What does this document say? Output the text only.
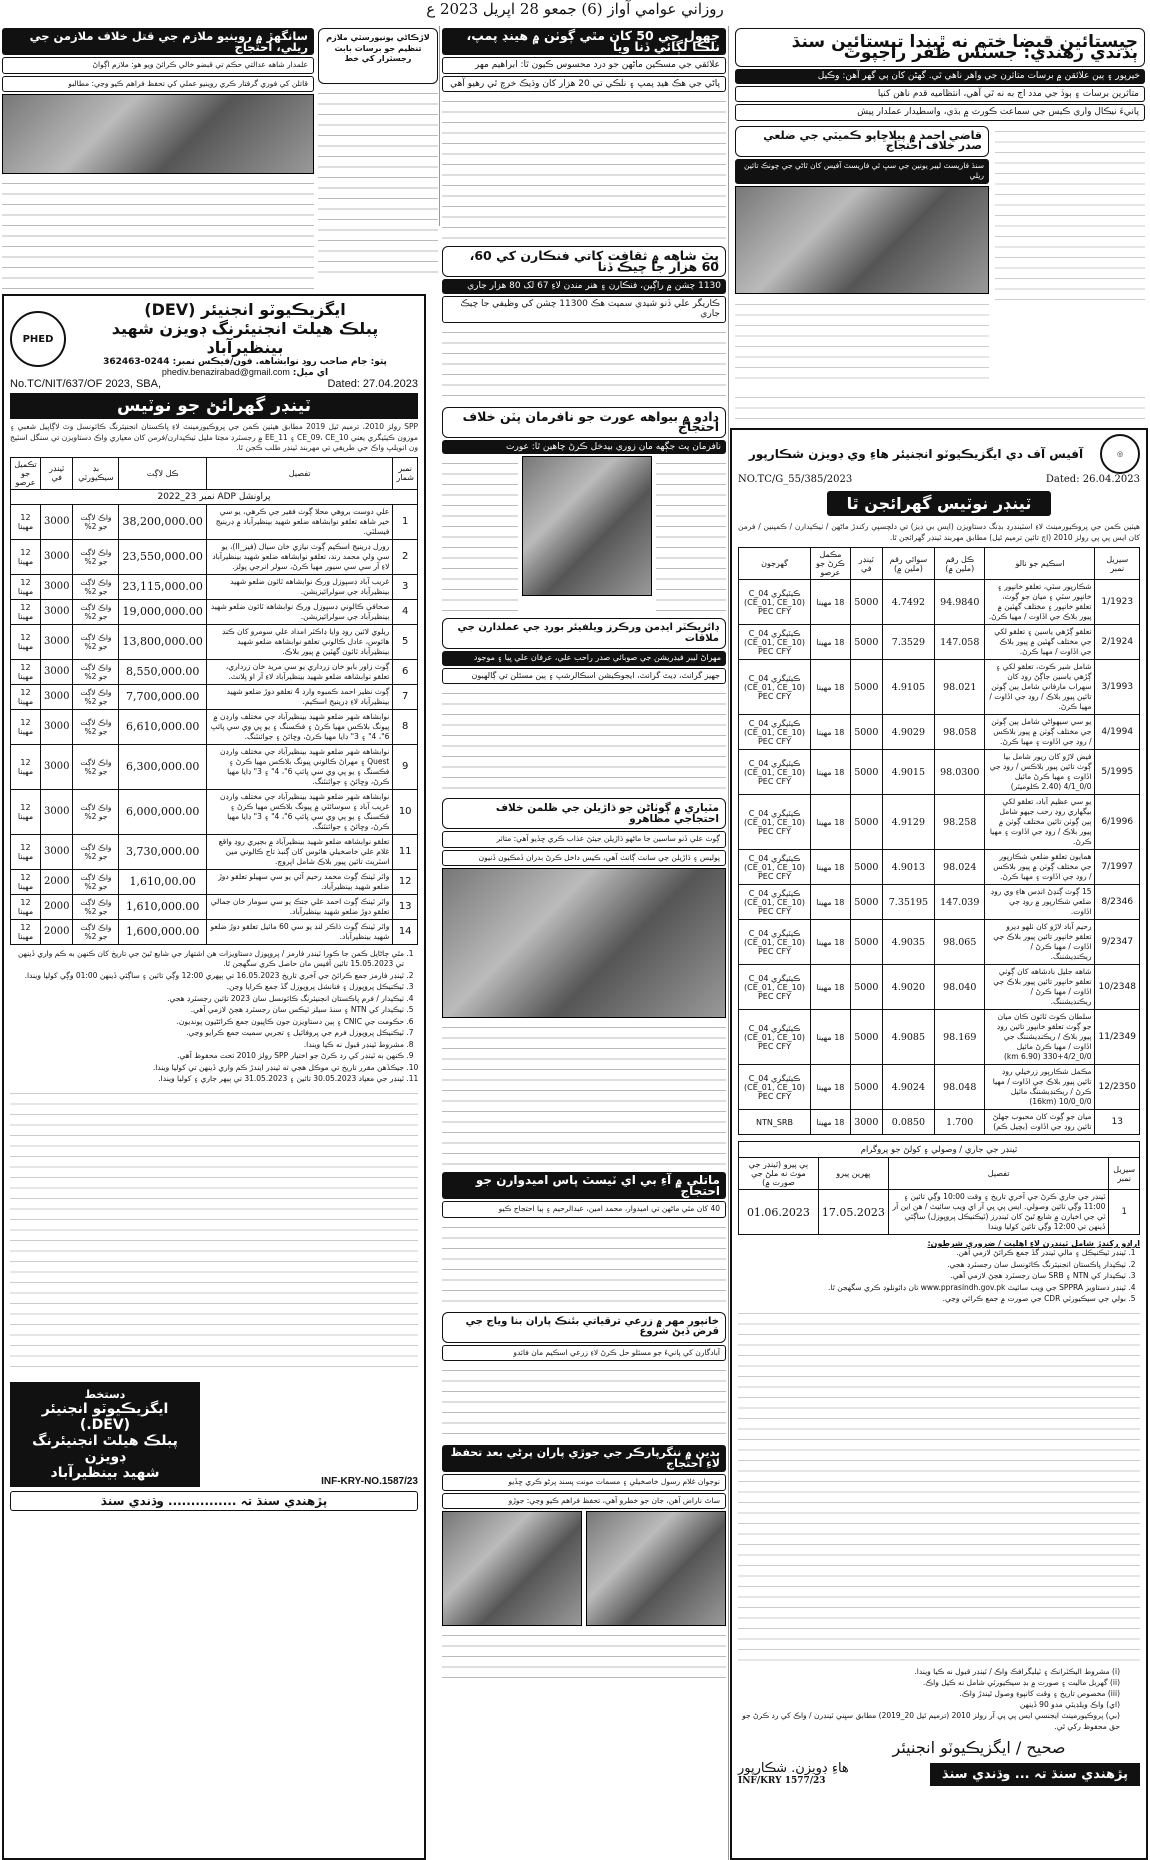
روزاني عوامي آواز (6) جمعو 28 اپريل 2023 ع
جيستائين قبضا ختم نه ٿيندا تيستائين سنڌ ٻڏندي رهندي: جسٽس ظفر راجپوت
خيرپور ۽ ٻين علائقن ۾ برسات متاثرن جي واهر ناهي ٿي. گهڻن کان ٻي گهر آهن: وڪيل
متاثرين برسات ۽ ٻوڏ جي مدد اڄ به نه ٿي آهي، انتظاميه قدم ناهن کنيا
پانيءَ نيڪال واري ڪيس جي سماعت ڪورٽ ۾ بڌي، واسطيدار عملدار پيش
قاضي احمد ۾ پيلاڇاپو ڪميٽي جي ضلعي صدر خلاف احتجاج
سنڌ فاريسٽ ليبر يونين جي سڀ ٿي فاريسٽ آفيس کان ٿاڻي جي چونڪ تائين ريلي
◎
آفيس آف دي ايگزيڪيوٽو انجنيئر هاءِ وي ڊويزن شڪارپور
NO.TC/G_55/385/2023	Dated: 26.04.2023
ٽينڊر نوٽيس گهرائجن ٿا
هيٺين ڪمن جي پروڪيورمينٽ لاءِ اسٽينڊرڊ بڊنگ دستاويزن (ايس بي ڊيز) تي دلچسپي رکندڙ ماڻهن / ٺيڪيدارن / ڪمپنين / فرمن کان ايس پي پي رولز 2010 (اڄ تائين ترميم ٿيل) مطابق مهربند ٽينڊر گهرائجن ٿا.
سيريل نمبر	اسڪيم جو نالو	ڪل رقم (ملين ۾)	سوائي رقم (ملين ۾)	ٽينڊر في	مڪمل ڪرڻ جو عرصو	گهرجون
1/1923	شڪارپور سٽي، تعلقو خانپور ۽ خانپور سٽي ۽ ميان جو ڳوٺ، تعلقو خانپور ۽ مختلف گهٽين ۾ پيور بلاڪ جي اڏاوت / مهيا ڪرڻ.	94.9840	4.7492	5000	18 مهينا	ڪيٽيگري C_04 (CE_01, CE_10) PEC CFY
2/1924	تعلقو ڳڙهي ياسين ۽ تعلقو لکي جي مختلف گهٽين ۾ پيور بلاڪ جي اڏاوت / مهيا ڪرڻ.	147.058	7.3529	5000	18 مهينا	ڪيٽيگري C_04 (CE_01, CE_10) PEC CFY
3/1993	شامل شير ڪوٽ، تعلقو لکي ۽ ڳڙهي ياسين جاڳڻ روڊ کان سهراب مارفاني شامل ٻين ڳوٺن تائين پيور بلاڪ / روڊ جي اڏاوت / مهيا ڪرڻ.	98.021	4.9105	5000	18 مهينا	ڪيٽيگري C_04 (CE_01, CE_10) PEC CFY
4/1994	يو سي سيهواڻي شامل ٻين ڳوٺن جي مختلف ڳوٺن ۾ پيور بلاڪس / روڊ جي اڏاوت ۽ مهيا ڪرڻ.	98.058	4.9029	5000	18 مهينا	ڪيٽيگري C_04 (CE_01, CE_10) PEC CFY
5/1995	فيض لاڙو کان ريور شامل بيا ڳوٺ تائين پيور بلاڪس / روڊ جي اڏاوت ۽ مهيا ڪرڻ مائيل 0/0_4/1 (2.40 ڪلوميٽر)	98.0300	4.9015	5000	18 مهينا	ڪيٽيگري C_04 (CE_01, CE_10) PEC CFY
6/1996	يو سي عظيم آباد، تعلقو لکي بيگهاري روڊ رحب جيهو شامل ٻين ڳوٺن تائين مختلف ڳوٺن ۾ پيور بلاڪ / روڊ جي اڏاوت ۽ مهيا ڪرڻ.	98.258	4.9129	5000	18 مهينا	ڪيٽيگري C_04 (CE_01, CE_10) PEC CFY
7/1997	همايون تعلقو ضلعي شڪارپور جي مختلف ڳوٺن ۾ پيور بلاڪس / روڊ جي اڏاوت ۽ مهيا ڪرڻ.	98.024	4.9013	5000	18 مهينا	ڪيٽيگري C_04 (CE_01, CE_10) PEC CFY
8/2346	15 ڳوٺ ڳنڍڻ انڊس هاءِ وي روڊ ضلعي شڪارپور ۾ روڊ جي اڏاوت.	147.039	7.35195	5000	18 مهينا	ڪيٽيگري C_04 (CE_01, CE_10) PEC CFY
9/2347	رحيم آباد لاڙو کان ٺلهو ديرو تعلقو خانپور تائين پيور بلاڪ جي اڏاوت / مهيا ڪرڻ / ريڪنڊيشننگ.	98.065	4.9035	5000	18 مهينا	ڪيٽيگري C_04 (CE_01, CE_10) PEC CFY
10/2348	شاهه جليل بادشاهه کان ڳوٺي تعلقو خانپور تائين پيور بلاڪ جي اڏاوت / مهيا ڪرڻ / ريڪنڊيشننگ.	98.040	4.9020	5000	18 مهينا	ڪيٽيگري C_04 (CE_01, CE_10) PEC CFY
11/2349	سلطان ڪوٽ ٽائون ڪان ميان جو ڳوٺ تعلقو خانپور تائين روڊ پيور بلاڪ / ريڪنڊيشننگ جي اڏاوت / مهيا ڪرڻ مائيل 0/0_4/2+330 (6.90 km)	98.169	4.9085	5000	18 مهينا	ڪيٽيگري C_04 (CE_01, CE_10) PEC CFY
12/2350	مڪمل شڪارپور زرخيلي روڊ تائين پيور بلاڪ جي اڏاوت / مهيا ڪرڻ / ريڪنڊيشننگ مائيل 0/0_10/0 (16km)	98.048	4.9024	5000	18 مهينا	ڪيٽيگري C_04 (CE_01, CE_10) PEC CFY
13	ميان جو ڳوٺ کان محبوب جهلڻ تائين روڊ جي اڏاوت (بچيل ڪم)	1.700	0.0850	3000	18 مهينا	NTN_SRB
ٽينڊر جي جاري / وصولي ۽ کولڻ جو پروگرام			
سيريل نمبر	تفصيل	پهرين پيرو	ٻي پيرو (ٽينڊر جي موٽ نه ملڻ جي صورت ۾)
1	ٽينڊر جي جاري ڪرڻ جي آخري تاريخ ۽ وقت 10:00 وڳي تائين ۽ 11:00 وڳي تائين وصولي. ايس پي پي آر اي ويب سائيٽ / هن اين آر ٽي جي اخبارن ۾ شايع ٿيڻ کان ٽينڊرز (ٽيڪنيڪل پروپوزل) ساڳئي ڏينهن تي 12:00 وڳي تائين کوليا ويندا	17.05.2023	01.06.2023
اراڊو رکندڙ شامل ٽينڊرن لاءِ اهليت / ضروري شرطون:
1. ٽينڊر ٽيڪنيڪل ۽ مالي ٽينڊر گڏ جمع ڪرائڻ لازمي آهن.
2. ٺيڪيدار پاڪستان انجنيئرنگ ڪائونسل سان رجسٽرڊ هجي.
3. ٺيڪيدار کي NTN ۽ SRB سان رجسٽرڊ هجڻ لازمي آهي.
4. ٽينڊر دستاويز SPPRA جي ويب سائيٽ www.pprasindh.gov.pk تان ڊائونلوڊ ڪري سگهجن ٿا.
5. بولي جي سيڪيورٽي CDR جي صورت ۾ جمع ڪرائي وڃي.
(i) مشروط اليڪٽرانڪ ۽ ٽيليگرافڪ واڪ / ٽينڊر قبول نه ڪيا ويندا.
(ii) گهربل ماليت ۽ صورت ۾ بڊ سيڪيورٽي شامل نه ڪيل واڪ.
(iii) مخصوص تاريخ ۽ وقت کانپوءِ وصول ٿيندڙ واڪ.
(اي) واڪ ويلڊيٽي مدو 90 ڏينهن
(بي) پروڪيورمينٽ ايجنسي ايس پي پي آر رولز 2010 (ترميم ٿيل 20_2019) مطابق سڀني ٽينڊرن / واڪ کي رد ڪرڻ جو حق محفوظ رکي ٿي.
صحيح / ايگزيڪيوٽو انجنيئر
پڙهندي سنڌ تہ ... وڌندي سنڌ
هاءِ ڊويزن. شڪارپور
INF/KRY 1577/23
جهول جي 50 کان مٿي ڳوٺن ۾ هينڊ پمپ، نلڪا لڳائي ڏنا ويا
علائقي جي مسڪين ماڻهن جو درد محسوس ڪيون ٿا: ابراهيم مهر
پاڻي جي هڪ هيڊ پمپ ۽ نلڪي تي 20 هزار کان وڌيڪ خرچ ٿي رهيو آهي
پٽ شاهه ۾ ثقافت کاتي فنڪارن کي 60، 60 هزار جا چيڪ ڏنا
1130 چشن ۾ راڳين، فنڪارن ۽ هنر مندن لاءِ 67 لک 80 هزار جاري
ڪاريگر علي ڏنو شيدي سميت هڪ 11300 چشن کي وظيفي جا چيڪ جاري
دادو ۾ بيواهه عورت جو نافرمان پٽن خلاف احتجاج
نافرمان پٽ جڳهه مان زوري بيدخل ڪرڻ چاهين ٿا: عورت
ڊائريڪٽر ايڊمن ورڪرز ويلفيئر بورڊ جي عملدارن جي ملاقات
مهراڻ ليبر فيڊريشن جي صوبائي صدر راحب علي، عرفان علي ڀيا ۽ موجود
جهيز گرانٽ، ڊيٿ گرانٽ، ايجوڪيشن اسڪالرشپ ۽ ٻين مسئلن تي ڳالهيون
مٽياري ۾ ڳوٺاڻن جو ڌاڙيلن جي ظلمن خلاف احتجاجي مظاهرو
ڳوٺ علي ڏنو ساسين جا ماڻهو ڌاڙيلن جيئڻ عذاب ڪري ڇڏيو آهي: متاثر
پوليس ۽ ڌاڙيلن جي سانٺ ڳانٺ آهي، ڪيس داخل ڪرڻ بدران ڏمڪيون ڏنيون
ماتلي ۾ آءِ بي اي ٽيسٽ پاس اميدوارن جو احتجاج
40 کان مٿي ماڻهن تي اميدوار، محمد امين، عبدالرحيم ۽ ٻيا احتجاج ڪيو
خانپور مهر ۾ زرعي ترقياتي بئنڪ پاران بنا وياج جي قرض ڏيڻ شروع
آبادگارن کي پانيءَ جو مسئلو حل ڪرڻ لاءِ زرعي اسڪيم مان فائدو
بدين ۾ ننگرپارڪر جي جوڙي پاران پرڻي بعد تحفظ لاءِ احتجاج
نوجوان غلام رسول خاصخيلي ۽ مسمات مونت پسند پرڻو ڪري ڇڏيو
ساٿ ناراض آهن، جان جو خطرو آهي، تحفظ فراهم ڪيو وڃي: جوڙو
لاڙڪاڻي يونيورسٽي ملازم تنظيم جو برسات بابت رجسٽرار کي خط
سانگهڙ ۾ روينيو ملازم جي قتل خلاف ملازمن جي ريلي، احتجاج
علمدار شاهه عدالتي حڪم تي قبضو خالي ڪرائڻ ويو هو: ملازم اڳواڻ
قاتلن کي فوري گرفتار ڪري روينيو عملي کي تحفظ فراهم ڪيو وڃي: مطالبو
ايگزيڪيوٽو انجنيئر (DEV)
پبلڪ هيلٿ انجنيئرنگ ڊويزن شهيد بينظيرآباد
پتو: جام صاحب روڊ نوابشاهه. فون/فيڪس نمبر: 0244-362463
اي ميل: phediv.benazirabad@gmail.com
PHED
No.TC/NIT/637/OF 2023, SBA,	Dated: 27.04.2023
ٽينڊر گهرائڻ جو نوٽيس
SPP رولز 2010، ترميم ٿيل 2019 مطابق هيٺين ڪمن جي پروڪيورمينٽ لاءِ پاڪستان انجنيئرنگ ڪائونسل وٽ لاڳاپيل شعبي ۽ موزون ڪيٽيگري يعني CE_09، CE_10 ۽ EE_11 ۾ رجسٽرڊ مڃتا مليل ٺيڪيدارن/فرمن کان معياري واڪ دستاويزن تي سنگل اسٽيج ون انويلپ واڪ جي طريقي تي مهربند ٽينڊر طلب ڪجن ٿا.
نمبر شمار	تفصيل	ڪل لاڳت	بڊ سيڪيورٽي	ٽينڊر في	تڪميل جو عرصو
پراونشل ADP نمبر 23_2022					
1	علي دوست بروهي محلا ڳوٺ فقير جي ڪرهي، يو سي خير شاهه تعلقو نوابشاهه ضلعو شهيد بينظيرآباد ۾ ڊرينيج فيسلٽي.	38,200,000.00	واڪ لاڳت جو 2%	3000	12 مهينا
2	رورل ڊرينيج اسڪيم ڳوٺ نيازي خان سيال (فيز_II)، يو سي ولي محمد رند، تعلقو نوابشاهه ضلعو شهيد بينظيرآباد لاءِ آر سي سي سيور مهيا ڪرڻ، سولر انرجي پولز.	23,550,000.00	واڪ لاڳت جو 2%	3000	12 مهينا
3	غريب آباد ڊسپوزل ورڪ نوابشاهه ٽائون ضلعو شهيد بينظيرآباد جي سولرائيزيشن.	23,115,000.00	واڪ لاڳت جو 2%	3000	12 مهينا
4	صحافي ڪالوني ڊسپوزل ورڪ نوابشاهه ٽائون ضلعو شهيد بينظيرآباد جي سولرائيزيشن.	19,000,000.00	واڪ لاڳت جو 2%	3000	12 مهينا
5	ريلوي لائين روڊ وايا ڊاڪٽر امداد علي سومرو کان ڪنڊ هائوس، عادل ڪالوني تعلقو نوابشاهه ضلعو شهيد بينظيرآباد ٽائون گهٽين ۾ پيور بلاڪ.	13,800,000.00	واڪ لاڳت جو 2%	3000	12 مهينا
6	ڳوٺ زاور بابو خان زرداري يو سي مريد خان زرداري، تعلقو نوابشاهه ضلعو شهيد بينظيرآباد لاءِ آر او پلانٽ.	8,550,000.00	واڪ لاڳت جو 2%	3000	12 مهينا
7	ڳوٺ نظير احمد ڪمبوه وارڊ 4 تعلقو دوڙ ضلعو شهيد بينظيرآباد لاءِ ڊرينيج اسڪيم.	7,700,000.00	واڪ لاڳت جو 2%	3000	12 مهينا
8	نوابشاهه شهر ضلعو شهيد بينظيرآباد جي مختلف وارڊن ۾ پيونگ بلاڪس مهيا ڪرڻ ۽ فڪسنگ ۽ يو پي وي سي پائپ 6"، 4" ۽ 3" ڊايا مهيا ڪرڻ، وڇائڻ ۽ جوائنٽنگ.	6,610,000.00	واڪ لاڳت جو 2%	3000	12 مهينا
9	نوابشاهه شهر ضلعو شهيد بينظيرآباد جي مختلف وارڊن Quest ۽ مهراڻ ڪالوني پيونگ بلاڪس مهيا ڪرڻ ۽ فڪسنگ ۽ يو پي وي سي پائپ 6"، 4" ۽ 3" ڊايا مهيا ڪرڻ، وڇائڻ ۽ جوائنٽنگ.	6,300,000.00	واڪ لاڳت جو 2%	3000	12 مهينا
10	نوابشاهه شهر ضلعو شهيد بينظيرآباد جي مختلف وارڊن غريب آباد ۽ سوسائٽي ۾ پيونگ بلاڪس مهيا ڪرڻ ۽ فڪسنگ ۽ يو پي وي سي پائپ 6"، 4" ۽ 3" ڊايا مهيا ڪرڻ، وڇائڻ ۽ جوائنٽنگ.	6,000,000.00	واڪ لاڳت جو 2%	3000	12 مهينا
11	تعلقو نوابشاهه ضلعو شهيد بينظيرآباد ۾ بجيري روڊ واقع غلام علي خاصخيلي هائوس کان ڳنبذ تاج ڪالوني مين اسٽريٽ تائين پيور بلاڪ شامل اپروچ.	3,730,000.00	واڪ لاڳت جو 2%	3000	12 مهينا
12	واٽر ٽينڪ ڳوٺ محمد رحيم آئي يو سي سهيلو تعلقو دوڙ ضلعو شهيد بينظيرآباد.	1,610,00.00	واڪ لاڳت جو 2%	2000	12 مهينا
13	واٽر ٽينڪ ڳوٺ احمد علي جتڪ يو سي سومار خان جمالي تعلقو دوڙ ضلعو شهيد بينظيرآباد.	1,610,000.00	واڪ لاڳت جو 2%	2000	12 مهينا
14	واٽر ٽينڪ ڳوٺ ذاڪر لنڊ يو سي 60 مائيل تعلقو دوڙ ضلعو شهيد بينظيرآباد.	1,600,000.00	واڪ لاڳت جو 2%	2000	12 مهينا
1. مٿي ڄاڻايل ڪمن جا ڪورا ٽينڊر فارمز / پروپوزل دستاويزات هن اشتهار جي شايع ٿيڻ جي تاريخ کان ڪنهن به ڪم واري ڏينهن تي 15.05.2023 تائين آفيس مان حاصل ڪري سگهجن ٿا.
2. ٽينڊر فارمز جمع ڪرائڻ جي آخري تاريخ 16.05.2023 تي ٻپهري 12:00 وڳي تائين ۽ ساڳئي ڏينهن 01:00 وڳي کوليا ويندا.
3. ٽيڪنيڪل پروپوزل ۽ فنانشل پروپوزل گڏ جمع ڪرايا وڃن.
4. ٺيڪيدار / فرم پاڪستان انجنيئرنگ ڪائونسل سان 2023 تائين رجسٽرڊ هجي.
5. ٺيڪيدار کي NTN ۽ سنڌ سيلز ٽيڪس سان رجسٽرڊ هجڻ لازمي آهي.
6. حڪومت جي CNIC ۽ ٻين دستاويزن جون ڪاپيون جمع ڪرائڻيون پونديون.
7. ٽيڪنيڪل پروپوزل فرم جي پروفائيل ۽ تجربي سميت جمع ڪرايو وڃي.
8. مشروط ٽينڊر قبول نه ڪيا ويندا.
9. ڪنهن به ٽينڊر کي رد ڪرڻ جو اختيار SPP رولز 2010 تحت محفوظ آهي.
10. جيڪڏهن مقرر تاريخ تي موڪل هجي ته ٽينڊر ايندڙ ڪم واري ڏينهن تي کوليا ويندا.
11. ٽينڊر جي معياد 30.05.2023 تائين ۽ 31.05.2023 تي ٻيهر جاري ۽ کوليا ويندا.
INF-KRY-NO.1587/23
دستخط
ايگزيڪيوٽو انجنيئر (DEV.)
پبلڪ هيلٿ انجنيئرنگ ڊويزن
شهيد بينظيرآباد
پڙهندي سنڌ تہ ............... وڌندي سنڌ
